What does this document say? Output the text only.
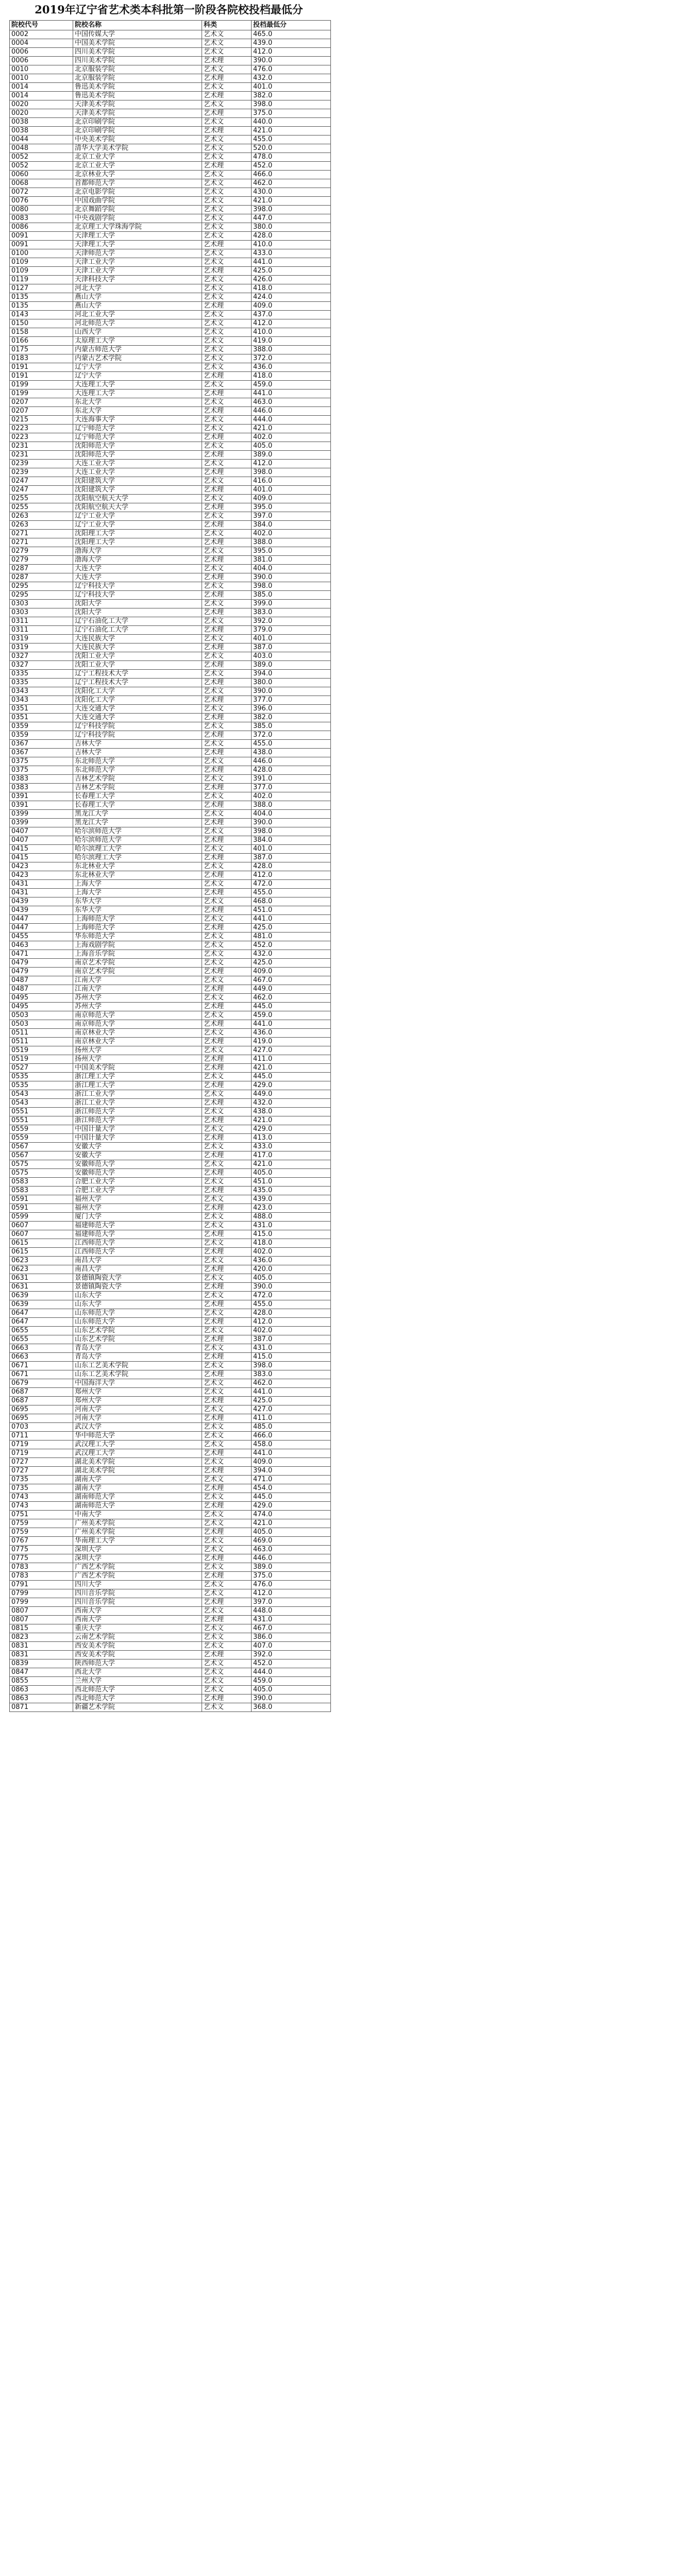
2019年辽宁省艺术类本科批第一阶段各院校投档最低分
院校代号	院校名称	科类	投档最低分
0002	中国传媒大学	艺术文	465.0
0004	中国美术学院	艺术文	439.0
0006	四川美术学院	艺术文	412.0
0006	四川美术学院	艺术理	390.0
0010	北京服装学院	艺术文	476.0
0010	北京服装学院	艺术理	432.0
0014	鲁迅美术学院	艺术文	401.0
0014	鲁迅美术学院	艺术理	382.0
0020	天津美术学院	艺术文	398.0
0020	天津美术学院	艺术理	375.0
0038	北京印刷学院	艺术文	440.0
0038	北京印刷学院	艺术理	421.0
0044	中央美术学院	艺术文	455.0
0048	清华大学美术学院	艺术文	520.0
0052	北京工业大学	艺术文	478.0
0052	北京工业大学	艺术理	452.0
0060	北京林业大学	艺术文	466.0
0068	首都师范大学	艺术文	462.0
0072	北京电影学院	艺术文	430.0
0076	中国戏曲学院	艺术文	421.0
0080	北京舞蹈学院	艺术文	398.0
0083	中央戏剧学院	艺术文	447.0
0086	北京理工大学珠海学院	艺术文	380.0
0091	天津理工大学	艺术文	428.0
0091	天津理工大学	艺术理	410.0
0100	天津师范大学	艺术文	433.0
0109	天津工业大学	艺术文	441.0
0109	天津工业大学	艺术理	425.0
0119	天津科技大学	艺术文	426.0
0127	河北大学	艺术文	418.0
0135	燕山大学	艺术文	424.0
0135	燕山大学	艺术理	409.0
0143	河北工业大学	艺术文	437.0
0150	河北师范大学	艺术文	412.0
0158	山西大学	艺术文	410.0
0166	太原理工大学	艺术文	419.0
0175	内蒙古师范大学	艺术文	388.0
0183	内蒙古艺术学院	艺术文	372.0
0191	辽宁大学	艺术文	436.0
0191	辽宁大学	艺术理	418.0
0199	大连理工大学	艺术文	459.0
0199	大连理工大学	艺术理	441.0
0207	东北大学	艺术文	463.0
0207	东北大学	艺术理	446.0
0215	大连海事大学	艺术文	444.0
0223	辽宁师范大学	艺术文	421.0
0223	辽宁师范大学	艺术理	402.0
0231	沈阳师范大学	艺术文	405.0
0231	沈阳师范大学	艺术理	389.0
0239	大连工业大学	艺术文	412.0
0239	大连工业大学	艺术理	398.0
0247	沈阳建筑大学	艺术文	416.0
0247	沈阳建筑大学	艺术理	401.0
0255	沈阳航空航天大学	艺术文	409.0
0255	沈阳航空航天大学	艺术理	395.0
0263	辽宁工业大学	艺术文	397.0
0263	辽宁工业大学	艺术理	384.0
0271	沈阳理工大学	艺术文	402.0
0271	沈阳理工大学	艺术理	388.0
0279	渤海大学	艺术文	395.0
0279	渤海大学	艺术理	381.0
0287	大连大学	艺术文	404.0
0287	大连大学	艺术理	390.0
0295	辽宁科技大学	艺术文	398.0
0295	辽宁科技大学	艺术理	385.0
0303	沈阳大学	艺术文	399.0
0303	沈阳大学	艺术理	383.0
0311	辽宁石油化工大学	艺术文	392.0
0311	辽宁石油化工大学	艺术理	379.0
0319	大连民族大学	艺术文	401.0
0319	大连民族大学	艺术理	387.0
0327	沈阳工业大学	艺术文	403.0
0327	沈阳工业大学	艺术理	389.0
0335	辽宁工程技术大学	艺术文	394.0
0335	辽宁工程技术大学	艺术理	380.0
0343	沈阳化工大学	艺术文	390.0
0343	沈阳化工大学	艺术理	377.0
0351	大连交通大学	艺术文	396.0
0351	大连交通大学	艺术理	382.0
0359	辽宁科技学院	艺术文	385.0
0359	辽宁科技学院	艺术理	372.0
0367	吉林大学	艺术文	455.0
0367	吉林大学	艺术理	438.0
0375	东北师范大学	艺术文	446.0
0375	东北师范大学	艺术理	428.0
0383	吉林艺术学院	艺术文	391.0
0383	吉林艺术学院	艺术理	377.0
0391	长春理工大学	艺术文	402.0
0391	长春理工大学	艺术理	388.0
0399	黑龙江大学	艺术文	404.0
0399	黑龙江大学	艺术理	390.0
0407	哈尔滨师范大学	艺术文	398.0
0407	哈尔滨师范大学	艺术理	384.0
0415	哈尔滨理工大学	艺术文	401.0
0415	哈尔滨理工大学	艺术理	387.0
0423	东北林业大学	艺术文	428.0
0423	东北林业大学	艺术理	412.0
0431	上海大学	艺术文	472.0
0431	上海大学	艺术理	455.0
0439	东华大学	艺术文	468.0
0439	东华大学	艺术理	451.0
0447	上海师范大学	艺术文	441.0
0447	上海师范大学	艺术理	425.0
0455	华东师范大学	艺术文	481.0
0463	上海戏剧学院	艺术文	452.0
0471	上海音乐学院	艺术文	432.0
0479	南京艺术学院	艺术文	425.0
0479	南京艺术学院	艺术理	409.0
0487	江南大学	艺术文	467.0
0487	江南大学	艺术理	449.0
0495	苏州大学	艺术文	462.0
0495	苏州大学	艺术理	445.0
0503	南京师范大学	艺术文	459.0
0503	南京师范大学	艺术理	441.0
0511	南京林业大学	艺术文	436.0
0511	南京林业大学	艺术理	419.0
0519	扬州大学	艺术文	427.0
0519	扬州大学	艺术理	411.0
0527	中国美术学院	艺术理	421.0
0535	浙江理工大学	艺术文	445.0
0535	浙江理工大学	艺术理	429.0
0543	浙江工业大学	艺术文	449.0
0543	浙江工业大学	艺术理	432.0
0551	浙江师范大学	艺术文	438.0
0551	浙江师范大学	艺术理	421.0
0559	中国计量大学	艺术文	429.0
0559	中国计量大学	艺术理	413.0
0567	安徽大学	艺术文	433.0
0567	安徽大学	艺术理	417.0
0575	安徽师范大学	艺术文	421.0
0575	安徽师范大学	艺术理	405.0
0583	合肥工业大学	艺术文	451.0
0583	合肥工业大学	艺术理	435.0
0591	福州大学	艺术文	439.0
0591	福州大学	艺术理	423.0
0599	厦门大学	艺术文	488.0
0607	福建师范大学	艺术文	431.0
0607	福建师范大学	艺术理	415.0
0615	江西师范大学	艺术文	418.0
0615	江西师范大学	艺术理	402.0
0623	南昌大学	艺术文	436.0
0623	南昌大学	艺术理	420.0
0631	景德镇陶瓷大学	艺术文	405.0
0631	景德镇陶瓷大学	艺术理	390.0
0639	山东大学	艺术文	472.0
0639	山东大学	艺术理	455.0
0647	山东师范大学	艺术文	428.0
0647	山东师范大学	艺术理	412.0
0655	山东艺术学院	艺术文	402.0
0655	山东艺术学院	艺术理	387.0
0663	青岛大学	艺术文	431.0
0663	青岛大学	艺术理	415.0
0671	山东工艺美术学院	艺术文	398.0
0671	山东工艺美术学院	艺术理	383.0
0679	中国海洋大学	艺术文	462.0
0687	郑州大学	艺术文	441.0
0687	郑州大学	艺术理	425.0
0695	河南大学	艺术文	427.0
0695	河南大学	艺术理	411.0
0703	武汉大学	艺术文	485.0
0711	华中师范大学	艺术文	466.0
0719	武汉理工大学	艺术文	458.0
0719	武汉理工大学	艺术理	441.0
0727	湖北美术学院	艺术文	409.0
0727	湖北美术学院	艺术理	394.0
0735	湖南大学	艺术文	471.0
0735	湖南大学	艺术理	454.0
0743	湖南师范大学	艺术文	445.0
0743	湖南师范大学	艺术理	429.0
0751	中南大学	艺术文	474.0
0759	广州美术学院	艺术文	421.0
0759	广州美术学院	艺术理	405.0
0767	华南理工大学	艺术文	469.0
0775	深圳大学	艺术文	463.0
0775	深圳大学	艺术理	446.0
0783	广西艺术学院	艺术文	389.0
0783	广西艺术学院	艺术理	375.0
0791	四川大学	艺术文	476.0
0799	四川音乐学院	艺术文	412.0
0799	四川音乐学院	艺术理	397.0
0807	西南大学	艺术文	448.0
0807	西南大学	艺术理	431.0
0815	重庆大学	艺术文	467.0
0823	云南艺术学院	艺术文	386.0
0831	西安美术学院	艺术文	407.0
0831	西安美术学院	艺术理	392.0
0839	陕西师范大学	艺术文	452.0
0847	西北大学	艺术文	444.0
0855	兰州大学	艺术文	459.0
0863	西北师范大学	艺术文	405.0
0863	西北师范大学	艺术理	390.0
0871	新疆艺术学院	艺术文	368.0
